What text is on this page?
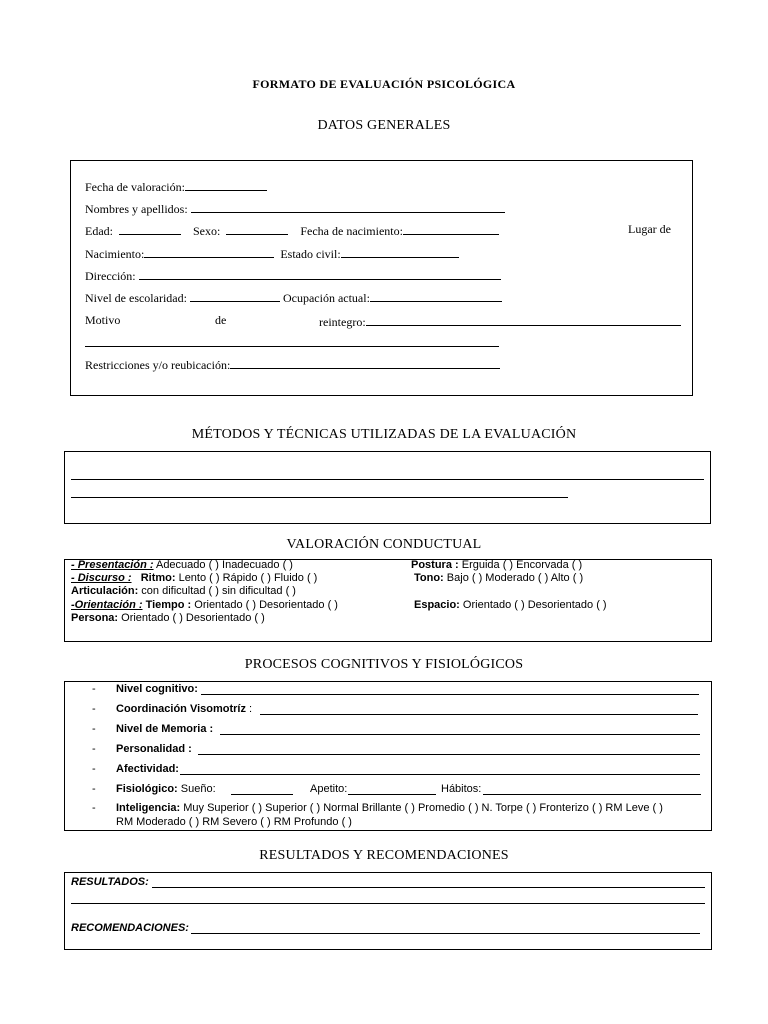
FORMATO DE EVALUACIÓN PSICOLÓGICA
DATOS GENERALES
Fecha de valoración:
Nombres y apellidos:
Edad:	Sexo:	Fecha de nacimiento:	Lugar de
Nacimiento:	Estado civil:
Dirección:
Nivel de escolaridad:	Ocupación actual:
Motivo	de	reintegro:
Restricciones y/o reubicación:
MÉTODOS Y TÉCNICAS UTILIZADAS DE LA EVALUACIÓN
VALORACIÓN CONDUCTUAL
- Presentación : Adecuado ( ) Inadecuado ( )	Postura : Erguida ( ) Encorvada ( )
- Discurso : Ritmo: Lento ( ) Rápido ( ) Fluido ( )	Tono: Bajo ( ) Moderado ( ) Alto ( )
Articulación: con dificultad ( ) sin dificultad ( )
-Orientación : Tiempo : Orientado ( ) Desorientado ( )	Espacio: Orientado ( ) Desorientado ( )
Persona: Orientado ( ) Desorientado ( )
PROCESOS COGNITIVOS Y FISIOLÓGICOS
- Nivel cognitivo:
- Coordinación Visomotríz :
- Nivel de Memoria :
- Personalidad :
- Afectividad:
- Fisiológico: Sueño:	Apetito:	Hábitos:
- Inteligencia: Muy Superior ( ) Superior ( ) Normal Brillante ( ) Promedio ( ) N. Torpe ( ) Fronterizo ( ) RM Leve ( )
RM Moderado ( ) RM Severo ( ) RM Profundo ( )
RESULTADOS Y RECOMENDACIONES
RESULTADOS:
RECOMENDACIONES:
